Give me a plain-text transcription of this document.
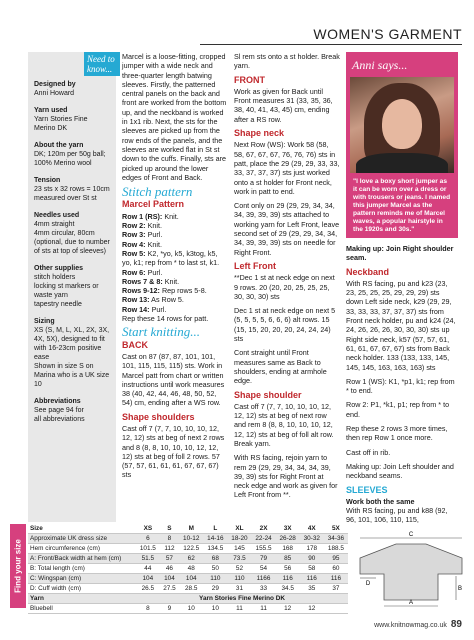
WOMEN'S GARMENT
Designed by
Anni Howard
Yarn used
Yarn Stories Fine Merino DK
About the yarn
DK; 120m per 50g ball;
100% Merino wool
Tension
23 sts x 32 rows = 10cm
measured over St st
Needles used
4mm straight
4mm circular, 80cm (optional, due to number of sts at top of sleeves)
Other supplies
stitch holders
locking st markers or
waste yarn
tapestry needle
Sizing
XS (S, M, L, XL, 2X, 3X, 4X, 5X), designed to fit with 16-23cm positive ease
Shown in size S on Marina who is a UK size 10
Abbreviations
See page 94 for
all abbreviations
Need to know...
Marcel is a loose-fitting, cropped jumper with a wide neck and three-quarter length batwing sleeves. Firstly, the patterned central panels on the back and front are worked from the bottom up, and the neckband is worked in 1x1 rib. Next, the sts for the sleeves are picked up from the row ends of the panels, and the sleeves are worked flat in St st down to the cuffs. Finally, sts are picked up around the lower edges of Front and Back.
Stitch pattern
Marcel Pattern
Row 1 (RS): Knit.
Row 2: Knit.
Row 3: Purl.
Row 4: Knit.
Row 5: K2, *yo, k5, k3tog, k5, yo, k1; rep from * to last st, k1.
Row 6: Purl.
Rows 7 & 8: Knit.
Rows 9-12: Rep rows 5-8.
Row 13: As Row 5.
Row 14: Purl.
Rep these 14 rows for patt.
Start knitting...
BACK
Cast on 87 (87, 87, 101, 101, 101, 115, 115, 115) sts. Work in Marcel patt from chart or written instructions until work measures 38 (40, 42, 44, 46, 48, 50, 52, 54) cm, ending after a WS row.
Shape shoulders
Cast off 7 (7, 7, 10, 10, 10, 12, 12, 12) sts at beg of next 2 rows and 8 (8, 8, 10, 10, 10, 12, 12, 12) sts at beg of foll 2 rows. 57 (57, 57, 61, 61, 61, 67, 67, 67) sts
Sl rem sts onto a st holder. Break yarn.
FRONT
Work as given for Back until Front measures 31 (33, 35, 36, 38, 40, 41, 43, 45) cm, ending after a RS row.
Shape neck
Next Row (WS): Work 58 (58, 58, 67, 67, 67, 76, 76, 76) sts in patt, place the 29 (29, 29, 33, 33, 33, 37, 37, 37) sts just worked onto a st holder for Front neck, work in patt to end.
Cont only on 29 (29, 29, 34, 34, 34, 39, 39, 39) sts attached to working yarn for Left Front, leave second set of 29 (29, 29, 34, 34, 34, 39, 39, 39) sts on needle for Right Front.
Left Front
**Dec 1 st at neck edge on next 9 rows. 20 (20, 20, 25, 25, 25, 30, 30, 30) sts
Dec 1 st at neck edge on next 5 (5, 5, 5, 5, 6, 6, 6) alt rows. 15 (15, 15, 20, 20, 20, 24, 24, 24) sts
Cont straight until Front measures same as Back to shoulders, ending at armhole edge.
Shape shoulder
Cast off 7 (7, 7, 10, 10, 10, 12, 12, 12) sts at beg of next row and rem 8 (8, 8, 10, 10, 10, 12, 12, 12) sts at beg of foll alt row. Break yarn.
With RS facing, rejoin yarn to rem 29 (29, 29, 34, 34, 34, 39, 39, 39) sts for Right Front at neck edge and work as given for Left Front from **.
Anni says...
"I love a boxy short jumper as it can be worn over a dress or with trousers or jeans. I named this jumper Marcel as the pattern reminds me of Marcel waves, a popular hairstyle in the 1920s and 30s."
Making up: Join Right shoulder seam.
Neckband
With RS facing, pu and k23 (23, 23, 25, 25, 25, 29, 29, 29) sts down Left side neck, k29 (29, 29, 33, 33, 33, 37, 37, 37) sts from Front neck holder, pu and k24 (24, 24, 26, 26, 26, 30, 30, 30) sts up Right side neck, k57 (57, 57, 61, 61, 61, 67, 67, 67) sts from Back neck holder. 133 (133, 133, 145, 145, 145, 163, 163, 163) sts
Row 1 (WS): K1, *p1, k1; rep from * to end.
Row 2: P1, *k1, p1; rep from * to end.
Rep these 2 rows 3 more times, then rep Row 1 once more.
Cast off in rib.
Making up: Join Left shoulder and neckband seams.
SLEEVES
Work both the same
With RS facing, pu and k88 (92, 96, 101, 106, 110, 115,
Find your size
Size	XS	S	M	L	XL	2X	3X	4X	5X
Approximate UK dress size	6	8	10-12	14-16	18-20	22-24	26-28	30-32	34-36
Hem circumference (cm)	101.5	112	122.5	134.5	145	155.5	168	178	188.5
A: Front/Back width at hem (cm)	51.5	57	62	68	73.5	79	85	90	95
B: Total length (cm)	44	46	48	50	52	54	56	58	60
C: Wingspan (cm)	104	104	104	110	110	1166	116	116	116
D: Cuff width (cm)	26.5	27.5	28.5	29	31	33	34.5	35	37
Yarn	Yarn Stories Fine Merino DK								
Bluebell	8	9	10	10	11	11	12	12	
C
B
D
A
www.knitnowmag.co.uk 89
